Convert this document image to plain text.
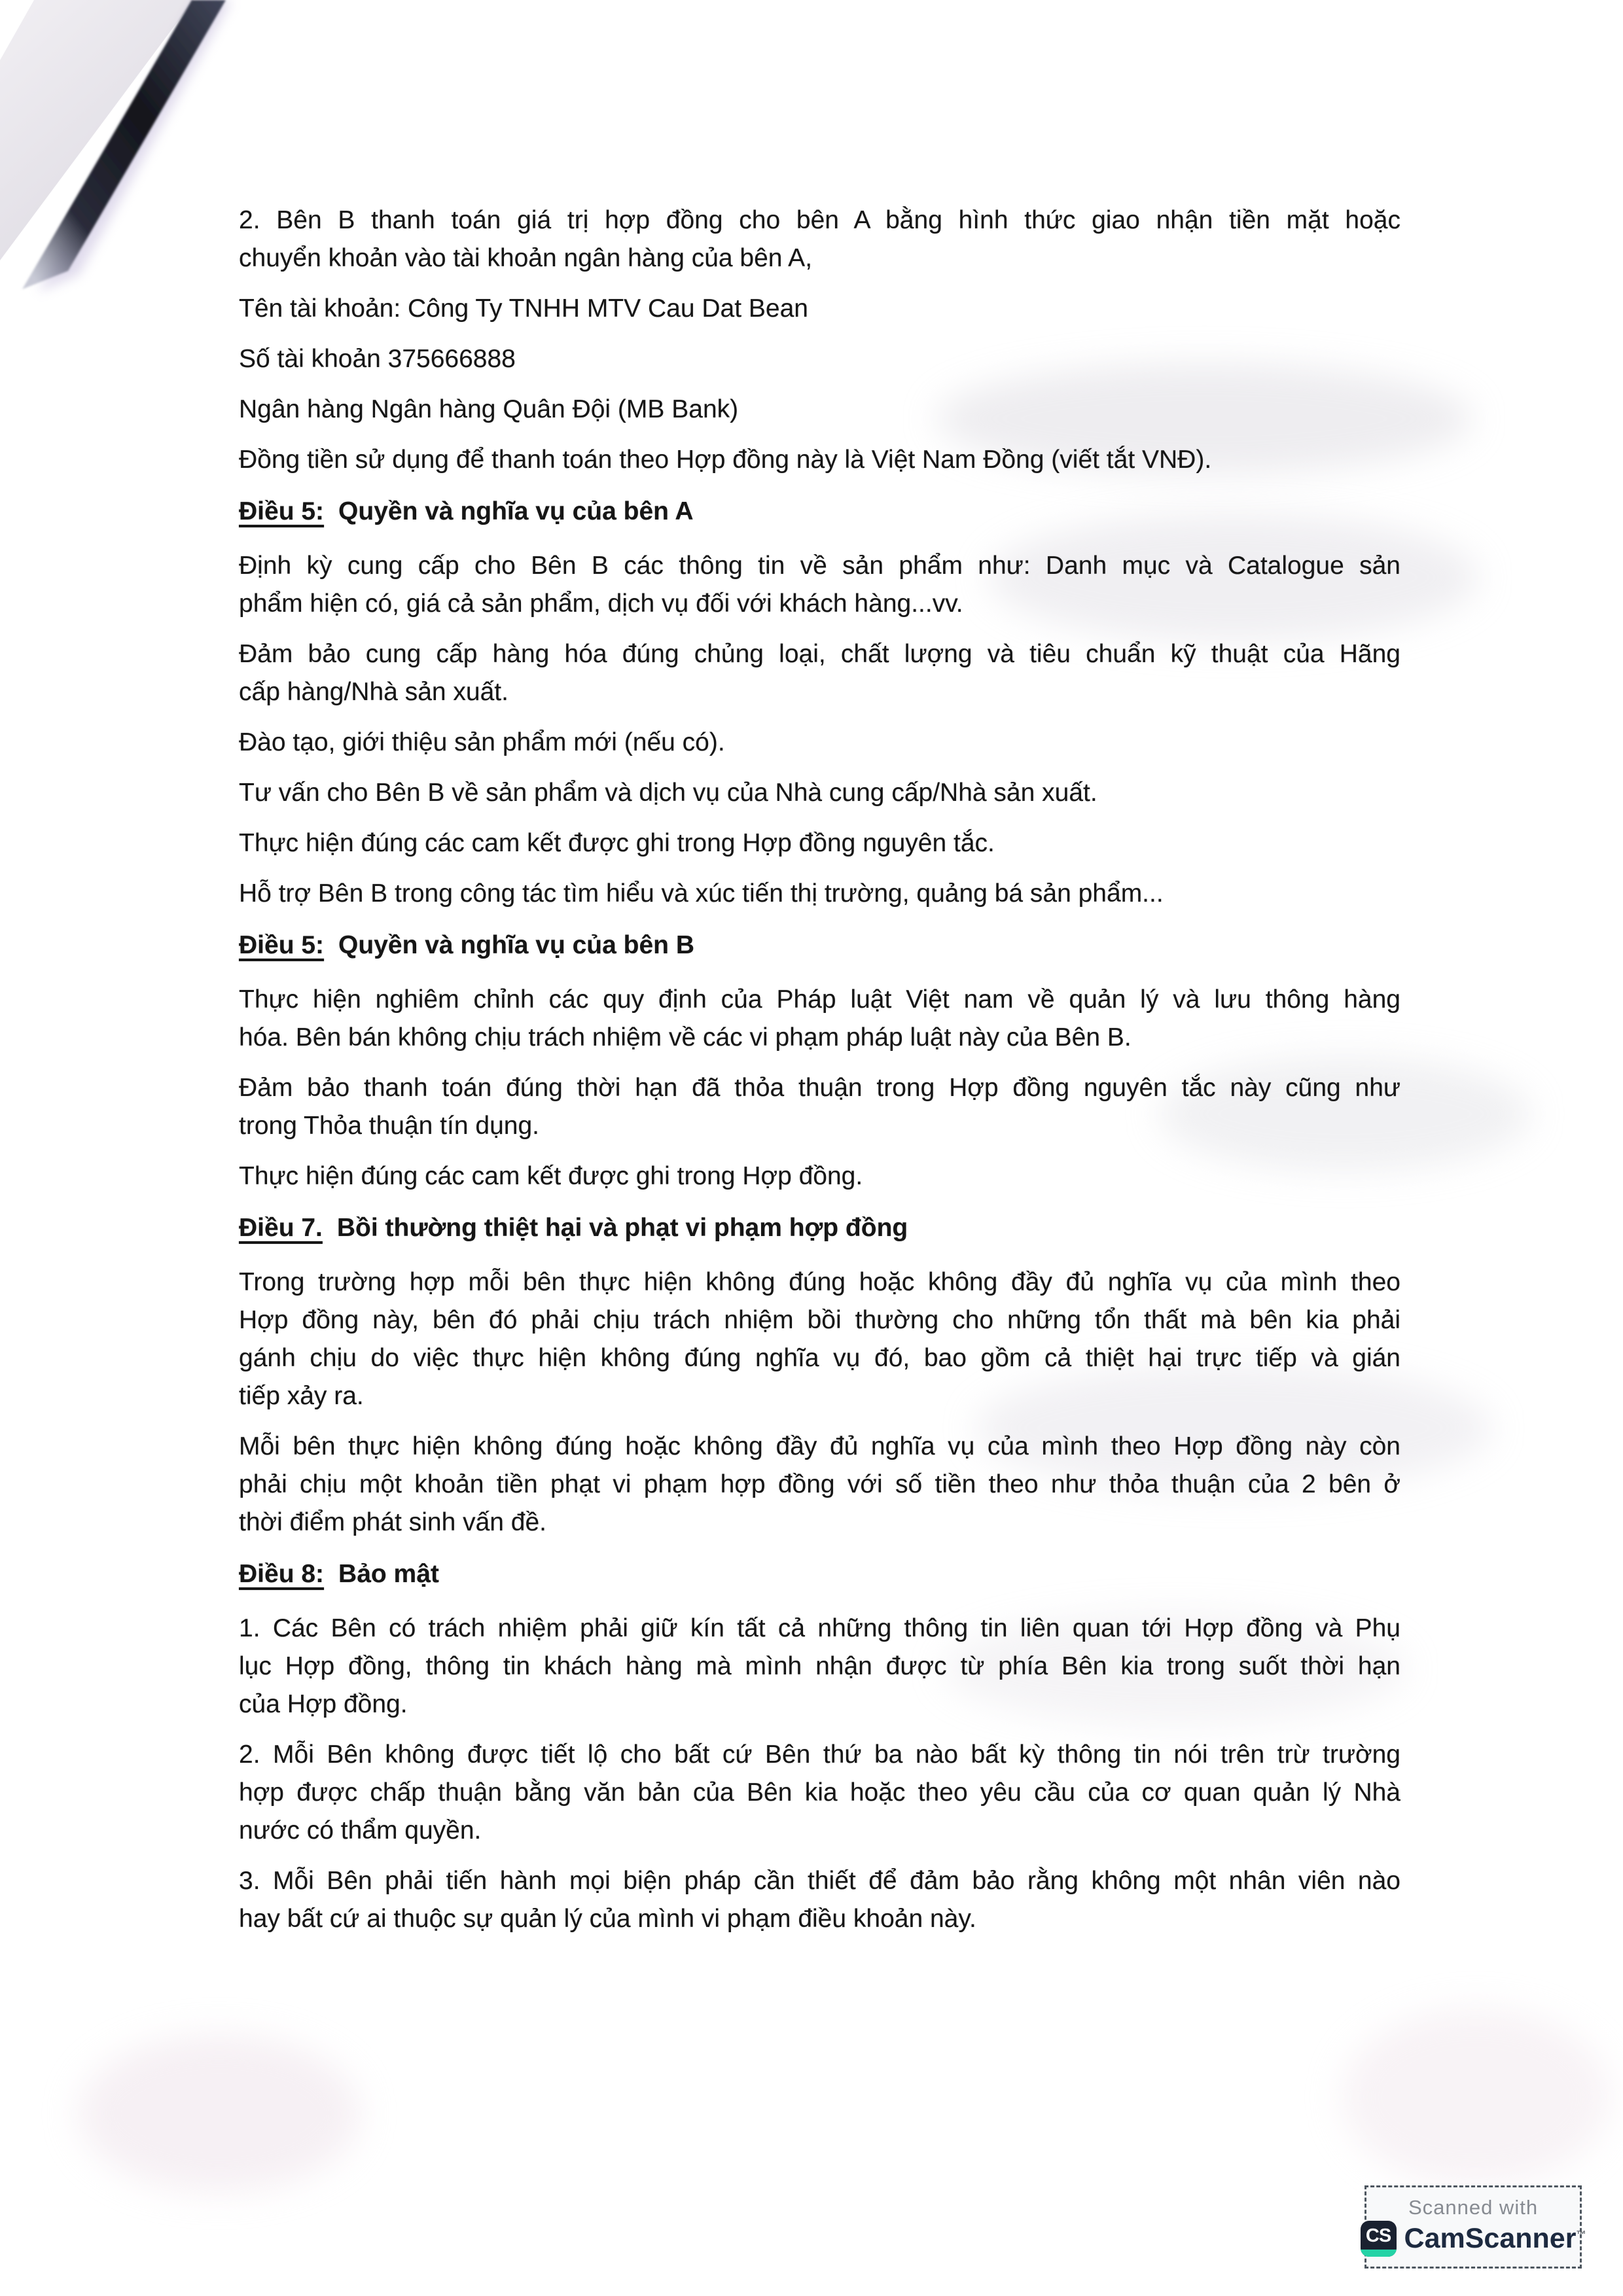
2. Bên B thanh toán giá trị hợp đồng cho bên A bằng hình thức giao nhận tiền mặt hoặc
chuyển khoản vào tài khoản ngân hàng của bên A,
Tên tài khoản: Công Ty TNHH MTV Cau Dat Bean
Số tài khoản 375666888
Ngân hàng Ngân hàng Quân Đội (MB Bank)
Đồng tiền sử dụng để thanh toán theo Hợp đồng này là Việt Nam Đồng (viết tắt VNĐ).
Điều 5: Quyền và nghĩa vụ của bên A
Định kỳ cung cấp cho Bên B các thông tin về sản phẩm như: Danh mục và Catalogue sản
phẩm hiện có, giá cả sản phẩm, dịch vụ đối với khách hàng...vv.
Đảm bảo cung cấp hàng hóa đúng chủng loại, chất lượng và tiêu chuẩn kỹ thuật của Hãng
cấp hàng/Nhà sản xuất.
Đào tạo, giới thiệu sản phẩm mới (nếu có).
Tư vấn cho Bên B về sản phẩm và dịch vụ của Nhà cung cấp/Nhà sản xuất.
Thực hiện đúng các cam kết được ghi trong Hợp đồng nguyên tắc.
Hỗ trợ Bên B trong công tác tìm hiểu và xúc tiến thị trường, quảng bá sản phẩm...
Điều 5: Quyền và nghĩa vụ của bên B
Thực hiện nghiêm chỉnh các quy định của Pháp luật Việt nam về quản lý và lưu thông hàng
hóa. Bên bán không chịu trách nhiệm về các vi phạm pháp luật này của Bên B.
Đảm bảo thanh toán đúng thời hạn đã thỏa thuận trong Hợp đồng nguyên tắc này cũng như
trong Thỏa thuận tín dụng.
Thực hiện đúng các cam kết được ghi trong Hợp đồng.
Điều 7. Bồi thường thiệt hại và phạt vi phạm hợp đồng
Trong trường hợp mỗi bên thực hiện không đúng hoặc không đầy đủ nghĩa vụ của mình theo
Hợp đồng này, bên đó phải chịu trách nhiệm bồi thường cho những tổn thất mà bên kia phải
gánh chịu do việc thực hiện không đúng nghĩa vụ đó, bao gồm cả thiệt hại trực tiếp và gián
tiếp xảy ra.
Mỗi bên thực hiện không đúng hoặc không đầy đủ nghĩa vụ của mình theo Hợp đồng này còn
phải chịu một khoản tiền phạt vi phạm hợp đồng với số tiền theo như thỏa thuận của 2 bên ở
thời điểm phát sinh vấn đề.
Điều 8: Bảo mật
1. Các Bên có trách nhiệm phải giữ kín tất cả những thông tin liên quan tới Hợp đồng và Phụ
lục Hợp đồng, thông tin khách hàng mà mình nhận được từ phía Bên kia trong suốt thời hạn
của Hợp đồng.
2. Mỗi Bên không được tiết lộ cho bất cứ Bên thứ ba nào bất kỳ thông tin nói trên trừ trường
hợp được chấp thuận bằng văn bản của Bên kia hoặc theo yêu cầu của cơ quan quản lý Nhà
nước có thẩm quyền.
3. Mỗi Bên phải tiến hành mọi biện pháp cần thiết để đảm bảo rằng không một nhân viên nào
hay bất cứ ai thuộc sự quản lý của mình vi phạm điều khoản này.
Scanned with
CS CamScanner™
